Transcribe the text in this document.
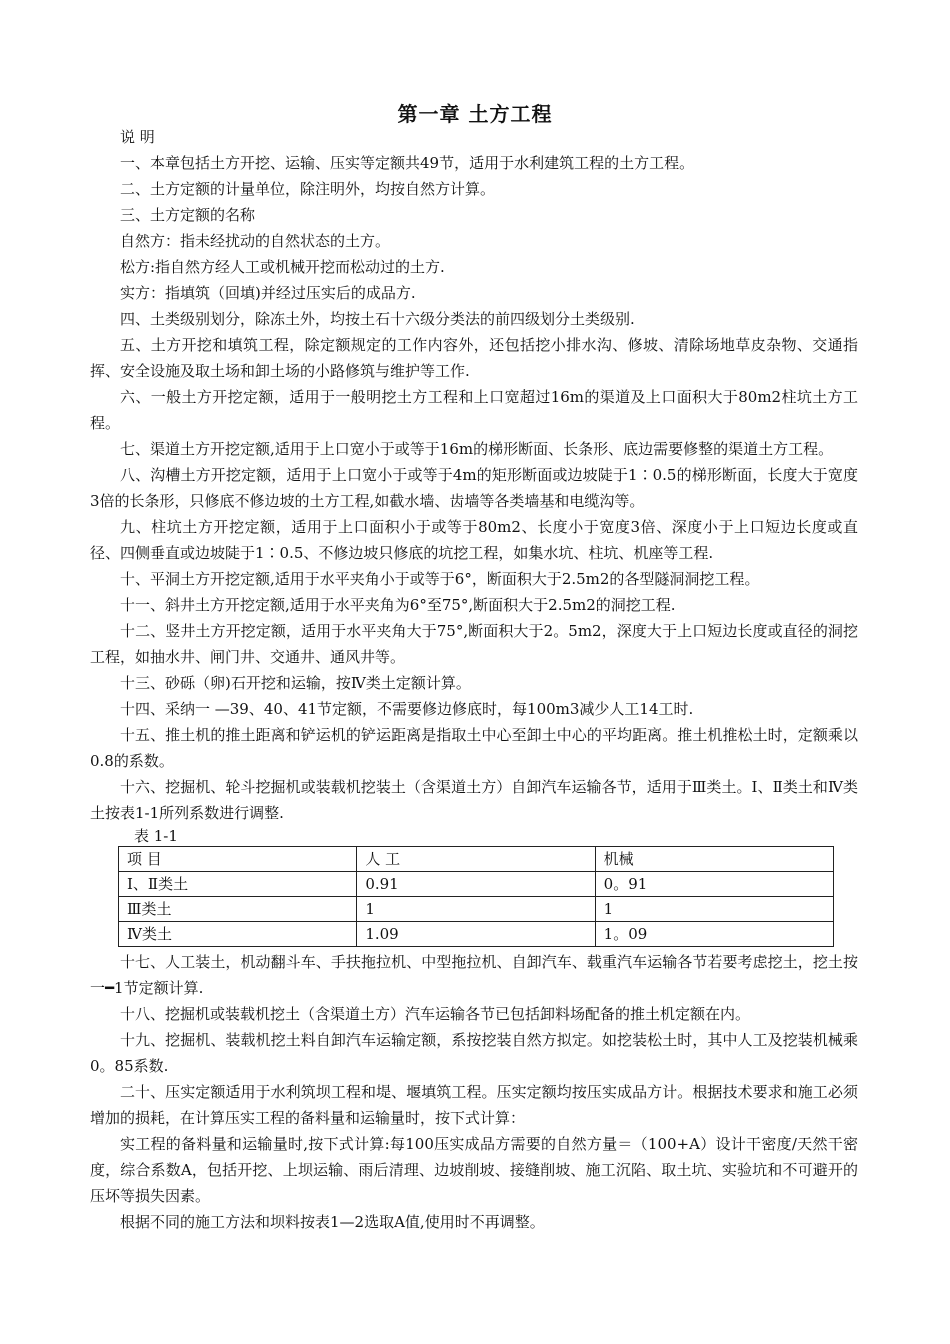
第一章 土方工程

说 明

一、本章包括土方开挖、运输、压实等定额共49节，适用于水利建筑工程的土方工程。

二、土方定额的计量单位，除注明外，均按自然方计算。

三、土方定额的名称

自然方：指未经扰动的自然状态的土方。

松方:指自然方经人工或机械开挖而松动过的土方.

实方：指填筑（回填)并经过压实后的成品方.

四、土类级别划分，除冻土外，均按土石十六级分类法的前四级划分土类级别.

五、土方开挖和填筑工程，除定额规定的工作内容外，还包括挖小排水沟、修坡、清除场地草皮杂物、交通指挥、安全设施及取土场和卸土场的小路修筑与维护等工作.

六、一般土方开挖定额，适用于一般明挖土方工程和上口宽超过16m的渠道及上口面积大于80m2柱坑土方工程。

七、渠道土方开挖定额,适用于上口宽小于或等于16m的梯形断面、长条形、底边需要修整的渠道土方工程。

八、沟槽土方开挖定额，适用于上口宽小于或等于4m的矩形断面或边坡陡于1∶0.5的梯形断面，长度大于宽度3倍的长条形，只修底不修边坡的土方工程,如截水墙、齿墙等各类墙基和电缆沟等。

九、柱坑土方开挖定额，适用于上口面积小于或等于80m2、长度小于宽度3倍、深度小于上口短边长度或直径、四侧垂直或边坡陡于1∶0.5、不修边坡只修底的坑挖工程，如集水坑、柱坑、机座等工程.

十、平洞土方开挖定额,适用于水平夹角小于或等于6°，断面积大于2.5m2的各型隧洞洞挖工程。

十一、斜井土方开挖定额,适用于水平夹角为6°至75°,断面积大于2.5m2的洞挖工程.

十二、竖井土方开挖定额，适用于水平夹角大于75°,断面积大于2。5m2，深度大于上口短边长度或直径的洞挖工程，如抽水井、闸门井、交通井、通风井等。

十三、砂砾（卵)石开挖和运输，按Ⅳ类土定额计算。

十四、采纳一 —39、40、41节定额，不需要修边修底时，每100m3减少人工14工时.

十五、推土机的推土距离和铲运机的铲运距离是指取土中心至卸土中心的平均距离。推土机推松土时，定额乘以0.8的系数。

十六、挖掘机、轮斗挖掘机或装载机挖装土（含渠道土方）自卸汽车运输各节，适用于Ⅲ类土。Ⅰ、Ⅱ类土和Ⅳ类土按表1-1所列系数进行调整.

表 1-1

项 目	人 工	机械
Ⅰ、Ⅱ类土	0.91	0。91
Ⅲ类土	1	1
Ⅳ类土	1.09	1。09

十七、人工装土，机动翻斗车、手扶拖拉机、中型拖拉机、自卸汽车、载重汽车运输各节若要考虑挖土，挖土按一━1节定额计算.

十八、挖掘机或装载机挖土（含渠道土方）汽车运输各节已包括卸料场配备的推土机定额在内。

十九、挖掘机、装载机挖土料自卸汽车运输定额，系按挖装自然方拟定。如挖装松土时，其中人工及挖装机械乘0。85系数.

二十、压实定额适用于水利筑坝工程和堤、堰填筑工程。压实定额均按压实成品方计。根据技术要求和施工必须增加的损耗，在计算压实工程的备料量和运输量时，按下式计算：

实工程的备料量和运输量时,按下式计算:每100压实成品方需要的自然方量＝（100+A）设计干密度/天然干密度，综合系数A，包括开挖、上坝运输、雨后清理、边坡削坡、接缝削坡、施工沉陷、取土坑、实验坑和不可避开的压坏等损失因素。

根据不同的施工方法和坝料按表1—2选取A值,使用时不再调整。
